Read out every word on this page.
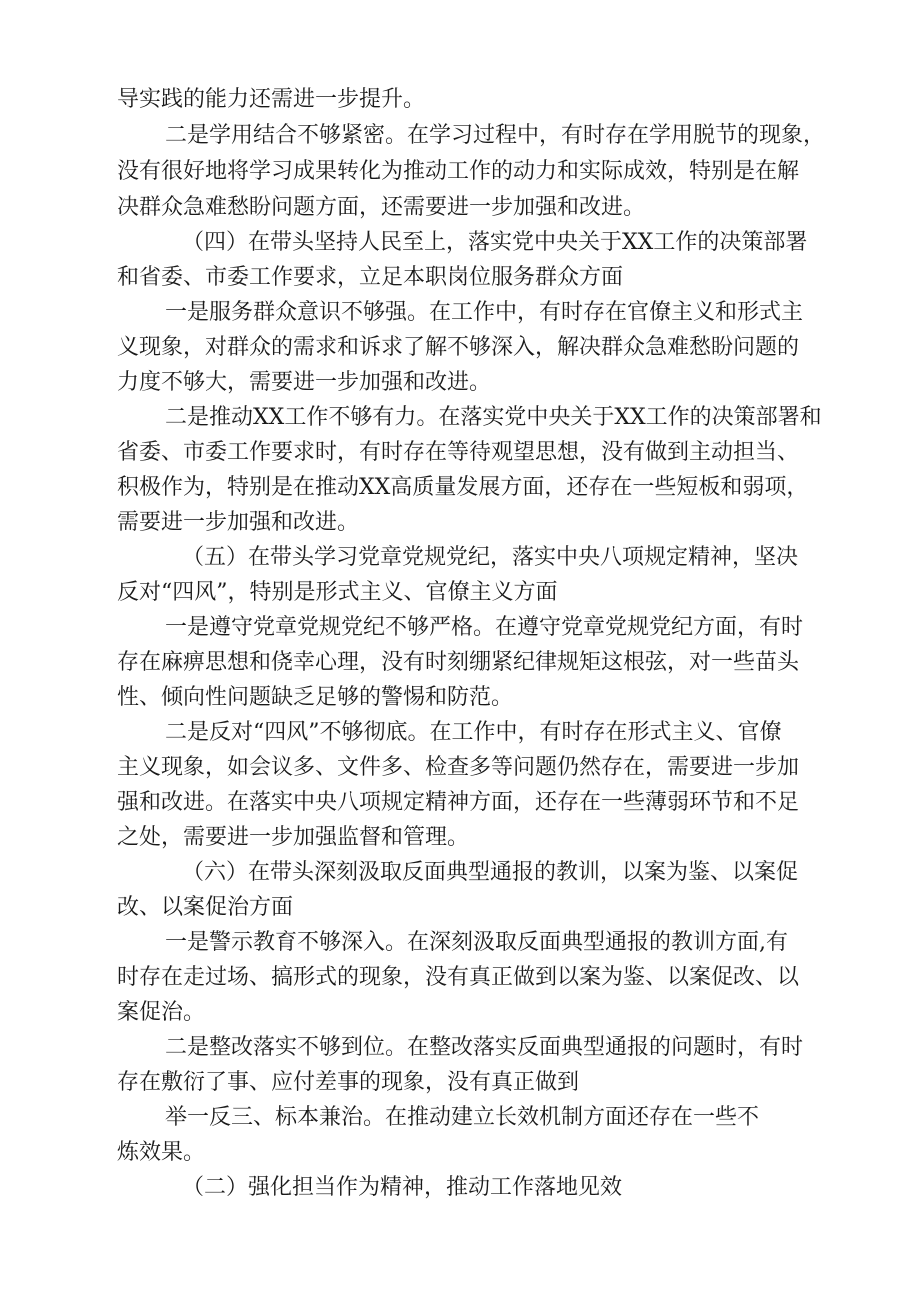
导实践的能力还需进一步提升。
二是学用结合不够紧密。在学习过程中，有时存在学用脱节的现象，
没有很好地将学习成果转化为推动工作的动力和实际成效，特别是在解
决群众急难愁盼问题方面，还需要进一步加强和改进。
（四）在带头坚持人民至上，落实党中央关于XX工作的决策部署
和省委、市委工作要求，立足本职岗位服务群众方面
一是服务群众意识不够强。在工作中，有时存在官僚主义和形式主
义现象，对群众的需求和诉求了解不够深入，解决群众急难愁盼问题的
力度不够大，需要进一步加强和改进。
二是推动XX工作不够有力。在落实党中央关于XX工作的决策部署和
省委、市委工作要求时，有时存在等待观望思想，没有做到主动担当、
积极作为，特别是在推动XX高质量发展方面，还存在一些短板和弱项，
需要进一步加强和改进。
（五）在带头学习党章党规党纪，落实中央八项规定精神，坚决
反对“四风”，特别是形式主义、官僚主义方面
一是遵守党章党规党纪不够严格。在遵守党章党规党纪方面，有时
存在麻痹思想和侥幸心理，没有时刻绷紧纪律规矩这根弦，对一些苗头
性、倾向性问题缺乏足够的警惕和防范。
二是反对“四风”不够彻底。在工作中，有时存在形式主义、官僚
主义现象，如会议多、文件多、检查多等问题仍然存在，需要进一步加
强和改进。在落实中央八项规定精神方面，还存在一些薄弱环节和不足
之处，需要进一步加强监督和管理。
（六）在带头深刻汲取反面典型通报的教训，以案为鉴、以案促
改、以案促治方面
一是警示教育不够深入。在深刻汲取反面典型通报的教训方面,有
时存在走过场、搞形式的现象，没有真正做到以案为鉴、以案促改、以
案促治。
二是整改落实不够到位。在整改落实反面典型通报的问题时，有时
存在敷衍了事、应付差事的现象，没有真正做到
举一反三、标本兼治。在推动建立长效机制方面还存在一些不
炼效果。
（二）强化担当作为精神，推动工作落地见效
